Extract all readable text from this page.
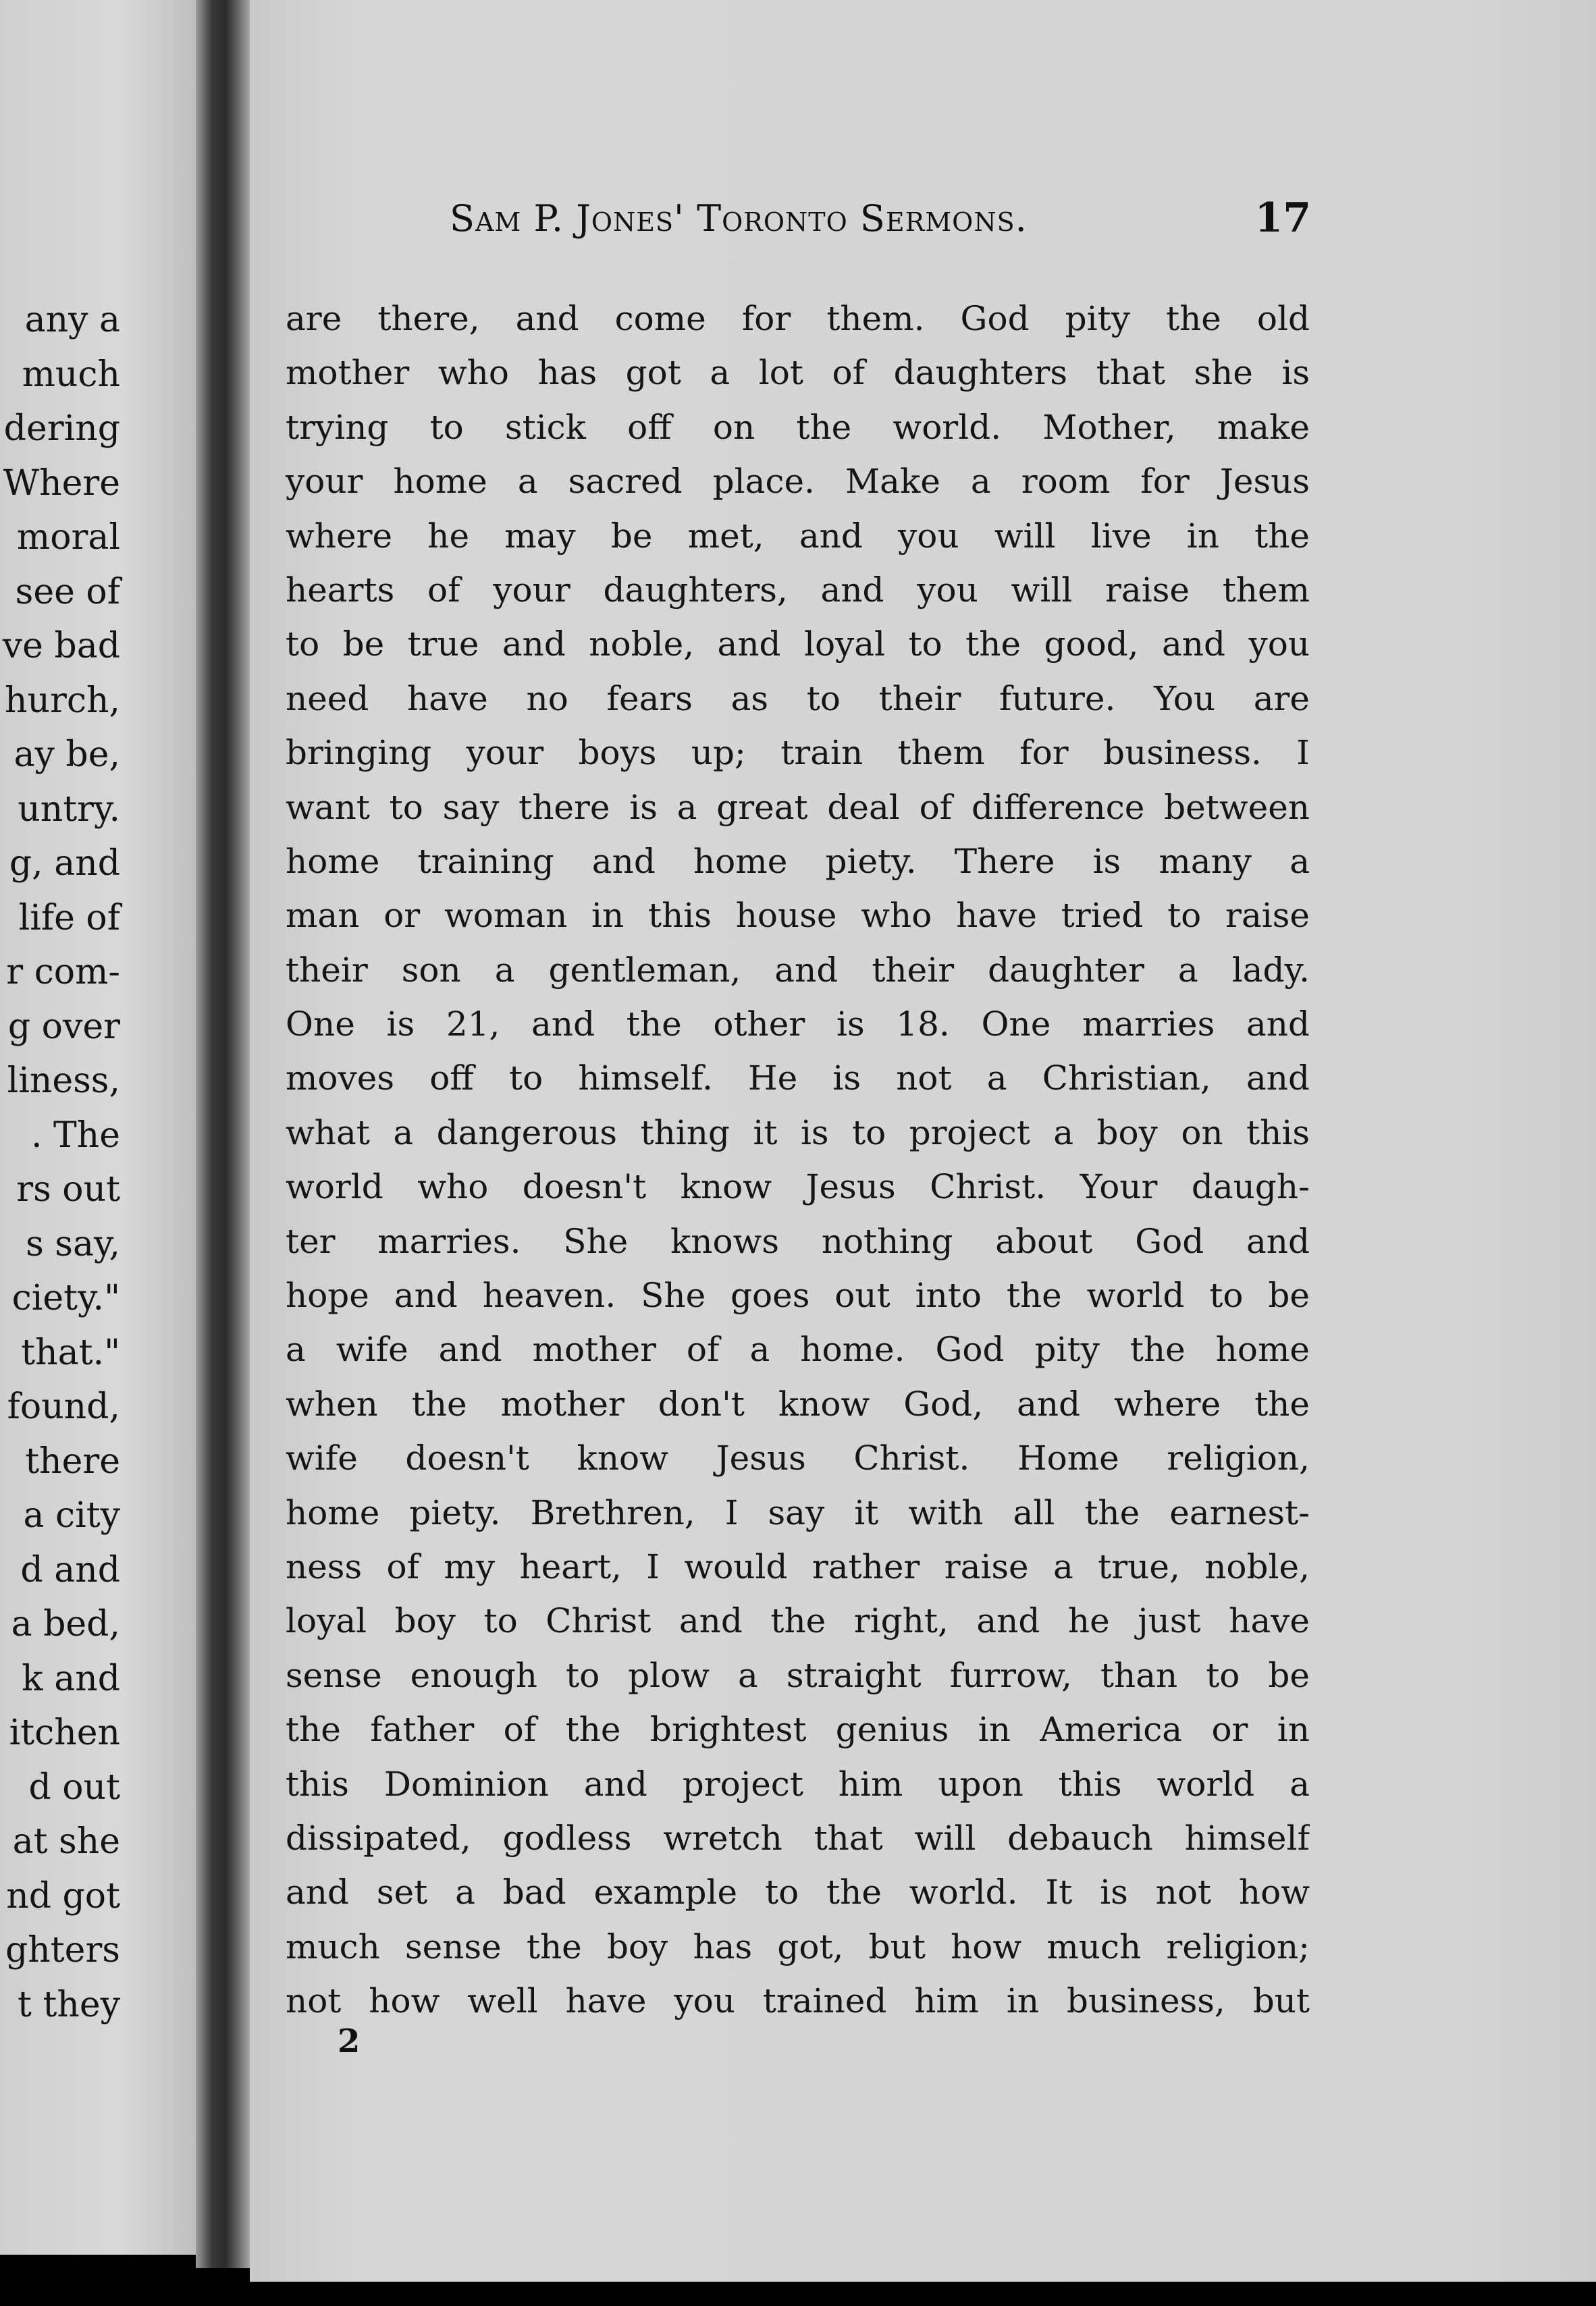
any a
much
dering
Where
moral
see of
ve bad
hurch,
ay be,
untry.
g, and
life of
r com-
g over
liness,
. The
rs out
s say,
ciety."
that."
found,
there
a city
d and
a bed,
k and
itchen
d out
at she
nd got
ghters
t they
Sam P. Jones' Toronto Sermons.	17
are there, and come for them. God pity the old
mother who has got a lot of daughters that she is
trying to stick off on the world. Mother, make
your home a sacred place. Make a room for Jesus
where he may be met, and you will live in the
hearts of your daughters, and you will raise them
to be true and noble, and loyal to the good, and you
need have no fears as to their future. You are
bringing your boys up; train them for business. I
want to say there is a great deal of difference between
home training and home piety. There is many a
man or woman in this house who have tried to raise
their son a gentleman, and their daughter a lady.
One is 21, and the other is 18. One marries and
moves off to himself. He is not a Christian, and
what a dangerous thing it is to project a boy on this
world who doesn't know Jesus Christ. Your daugh-
ter marries. She knows nothing about God and
hope and heaven. She goes out into the world to be
a wife and mother of a home. God pity the home
when the mother don't know God, and where the
wife doesn't know Jesus Christ. Home religion,
home piety. Brethren, I say it with all the earnest-
ness of my heart, I would rather raise a true, noble,
loyal boy to Christ and the right, and he just have
sense enough to plow a straight furrow, than to be
the father of the brightest genius in America or in
this Dominion and project him upon this world a
dissipated, godless wretch that will debauch himself
and set a bad example to the world. It is not how
much sense the boy has got, but how much religion;
not how well have you trained him in business, but
2
